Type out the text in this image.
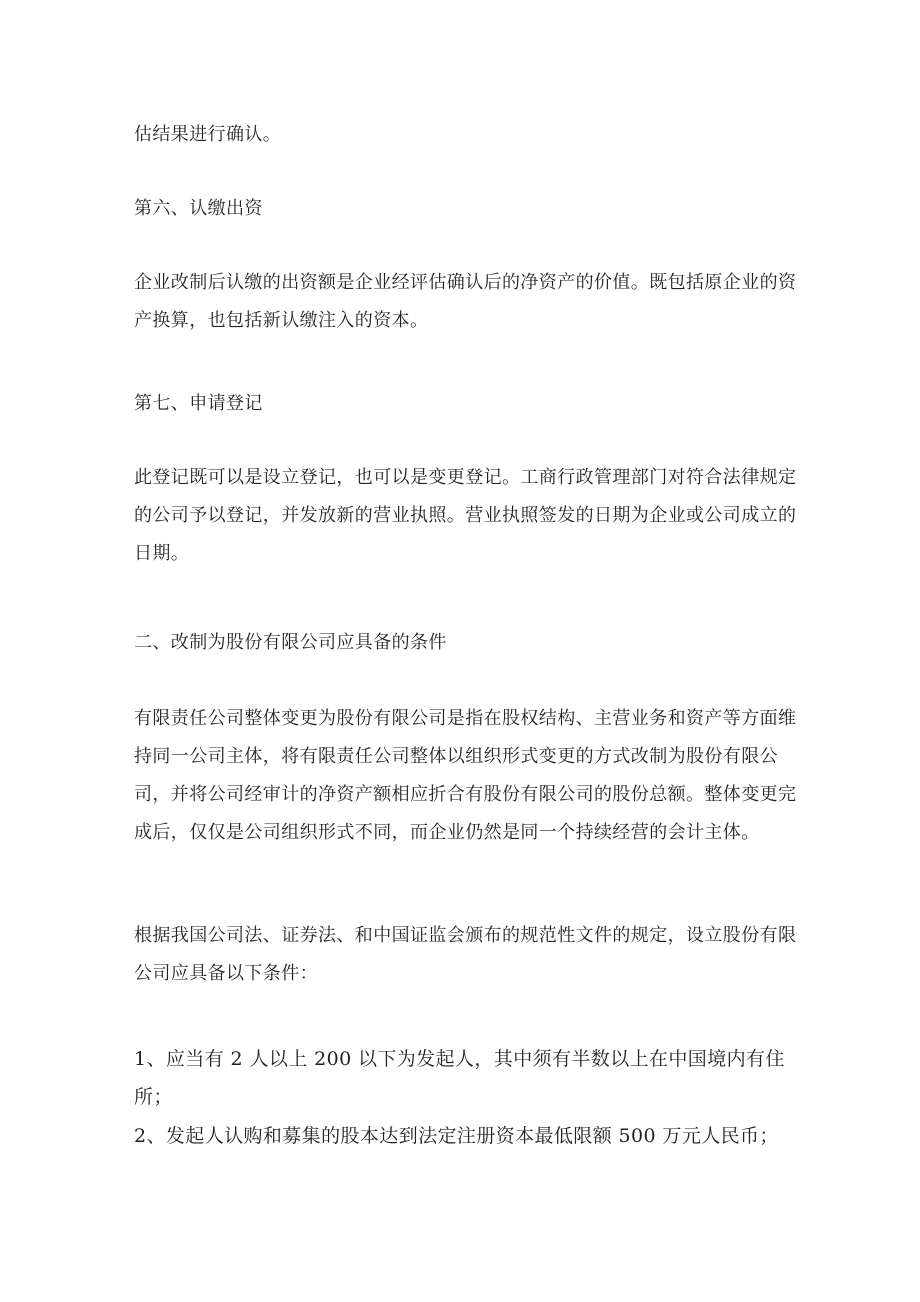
估结果进行确认。

第六、认缴出资

企业改制后认缴的出资额是企业经评估确认后的净资产的价值。既包括原企业的资产换算，也包括新认缴注入的资本。

第七、申请登记

此登记既可以是设立登记，也可以是变更登记。工商行政管理部门对符合法律规定的公司予以登记，并发放新的营业执照。营业执照签发的日期为企业或公司成立的日期。

二、改制为股份有限公司应具备的条件

有限责任公司整体变更为股份有限公司是指在股权结构、主营业务和资产等方面维持同一公司主体，将有限责任公司整体以组织形式变更的方式改制为股份有限公司，并将公司经审计的净资产额相应折合有股份有限公司的股份总额。整体变更完成后，仅仅是公司组织形式不同，而企业仍然是同一个持续经营的会计主体。

根据我国公司法、证券法、和中国证监会颁布的规范性文件的规定，设立股份有限公司应具备以下条件：

1、应当有 2 人以上 200 以下为发起人，其中须有半数以上在中国境内有住所；

2、发起人认购和募集的股本达到法定注册资本最低限额 500 万元人民币；
